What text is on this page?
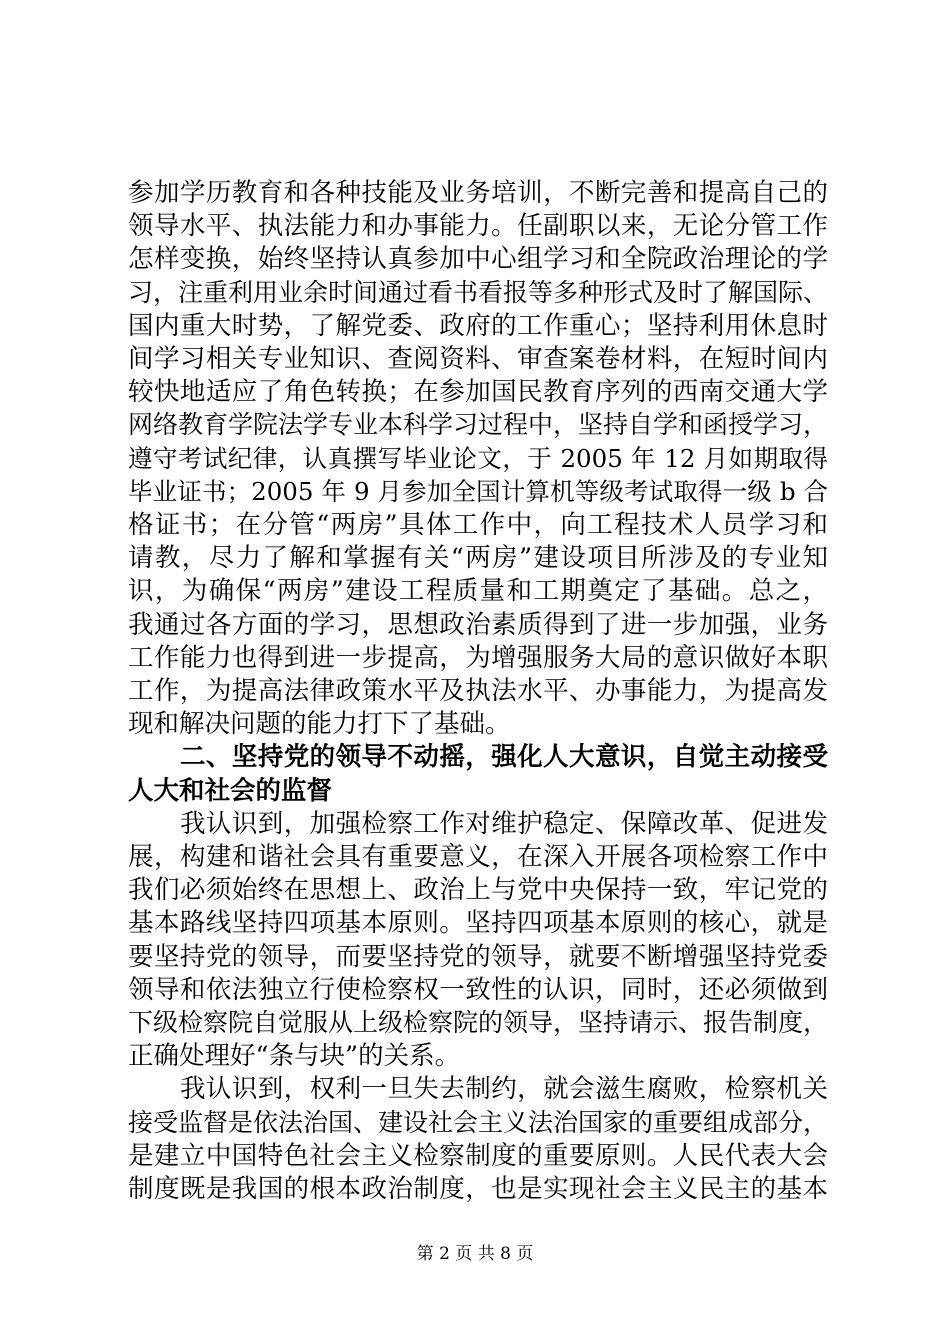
参加学历教育和各种技能及业务培训，不断完善和提高自己的
领导水平、执法能力和办事能力。任副职以来，无论分管工作
怎样变换，始终坚持认真参加中心组学习和全院政治理论的学
习，注重利用业余时间通过看书看报等多种形式及时了解国际、
国内重大时势，了解党委、政府的工作重心；坚持利用休息时
间学习相关专业知识、查阅资料、审查案卷材料，在短时间内
较快地适应了角色转换；在参加国民教育序列的西南交通大学
网络教育学院法学专业本科学习过程中，坚持自学和函授学习，
遵守考试纪律，认真撰写毕业论文，于 2005 年 12 月如期取得
毕业证书；2005 年 9 月参加全国计算机等级考试取得一级 b 合
格证书；在分管“两房”具体工作中，向工程技术人员学习和
请教，尽力了解和掌握有关“两房”建设项目所涉及的专业知
识，为确保“两房”建设工程质量和工期奠定了基础。总之，
我通过各方面的学习，思想政治素质得到了进一步加强，业务
工作能力也得到进一步提高，为增强服务大局的意识做好本职
工作，为提高法律政策水平及执法水平、办事能力，为提高发
现和解决问题的能力打下了基础。
二、坚持党的领导不动摇，强化人大意识，自觉主动接受
人大和社会的监督
我认识到，加强检察工作对维护稳定、保障改革、促进发
展，构建和谐社会具有重要意义，在深入开展各项检察工作中
我们必须始终在思想上、政治上与党中央保持一致，牢记党的
基本路线坚持四项基本原则。坚持四项基本原则的核心，就是
要坚持党的领导，而要坚持党的领导，就要不断增强坚持党委
领导和依法独立行使检察权一致性的认识，同时，还必须做到
下级检察院自觉服从上级检察院的领导，坚持请示、报告制度，
正确处理好“条与块”的关系。
我认识到，权利一旦失去制约，就会滋生腐败，检察机关
接受监督是依法治国、建设社会主义法治国家的重要组成部分，
是建立中国特色社会主义检察制度的重要原则。人民代表大会
制度既是我国的根本政治制度，也是实现社会主义民主的基本
第 2 页 共 8 页
